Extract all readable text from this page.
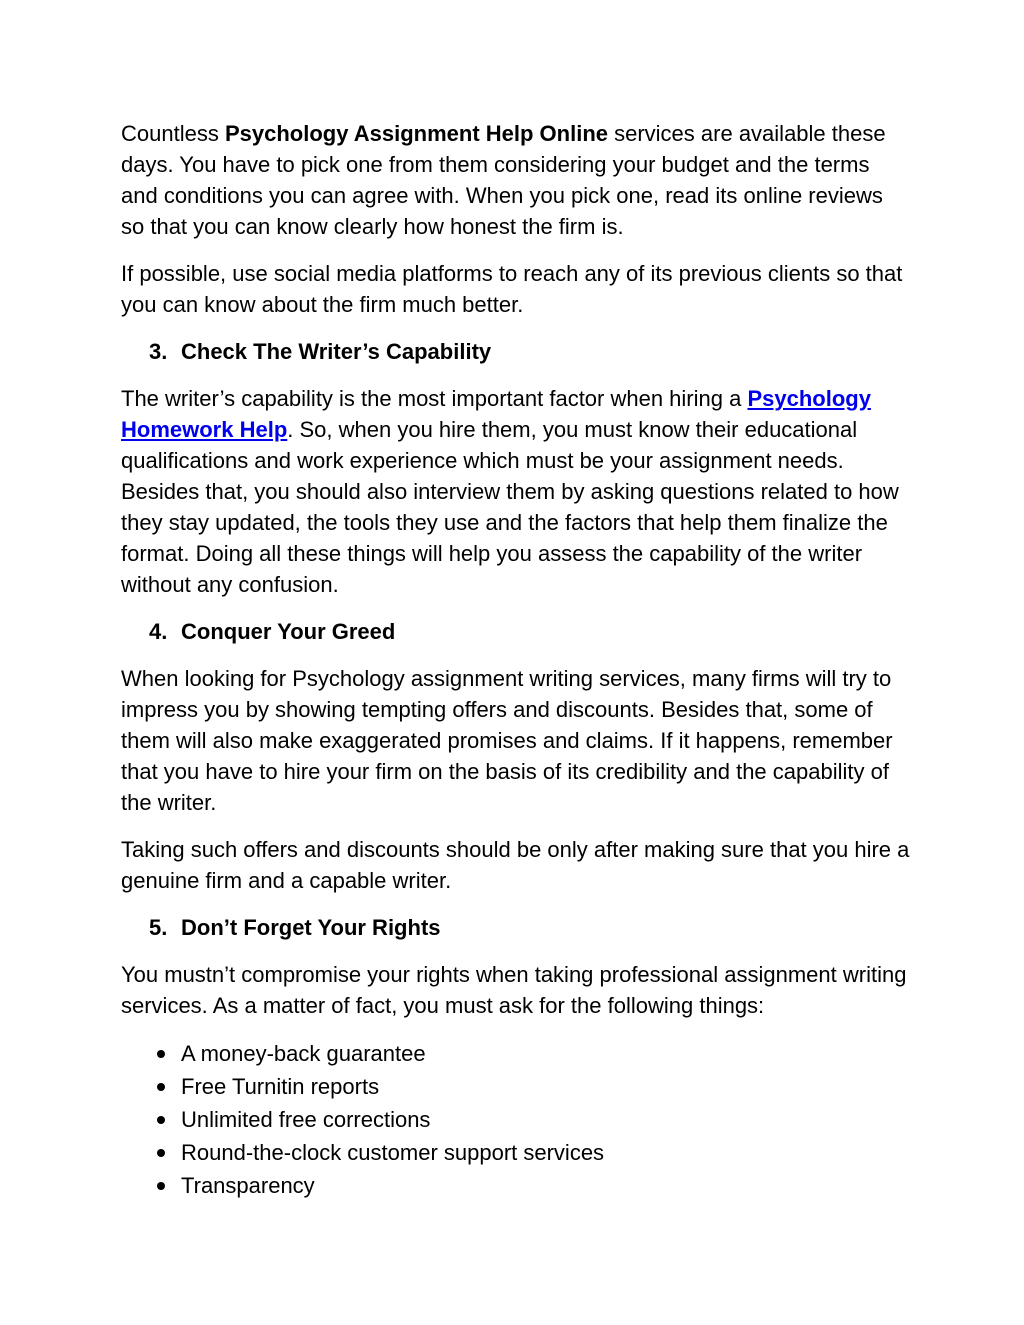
Countless Psychology Assignment Help Online services are available these days. You have to pick one from them considering your budget and the terms and conditions you can agree with. When you pick one, read its online reviews so that you can know clearly how honest the firm is.

If possible, use social media platforms to reach any of its previous clients so that you can know about the firm much better.

3. Check The Writer’s Capability

The writer’s capability is the most important factor when hiring a Psychology Homework Help. So, when you hire them, you must know their educational qualifications and work experience which must be your assignment needs. Besides that, you should also interview them by asking questions related to how they stay updated, the tools they use and the factors that help them finalize the format. Doing all these things will help you assess the capability of the writer without any confusion.

4. Conquer Your Greed

When looking for Psychology assignment writing services, many firms will try to impress you by showing tempting offers and discounts. Besides that, some of them will also make exaggerated promises and claims. If it happens, remember that you have to hire your firm on the basis of its credibility and the capability of the writer.

Taking such offers and discounts should be only after making sure that you hire a genuine firm and a capable writer.

5. Don’t Forget Your Rights

You mustn’t compromise your rights when taking professional assignment writing services. As a matter of fact, you must ask for the following things:

A money-back guarantee
Free Turnitin reports
Unlimited free corrections
Round-the-clock customer support services
Transparency
